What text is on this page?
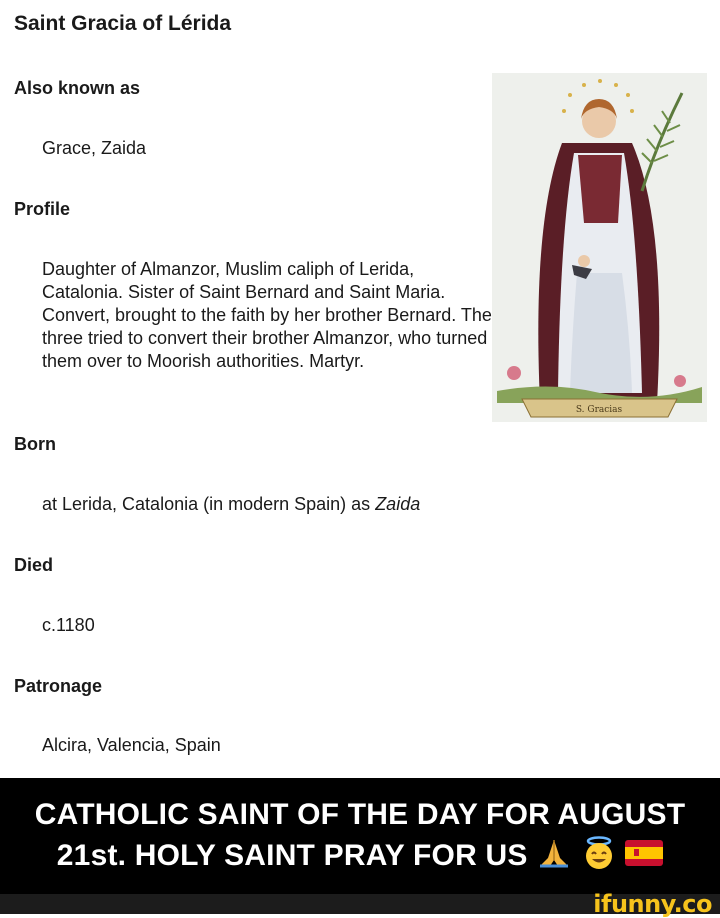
Saint Gracia of Lérida
Also known as

Grace, Zaida

Profile

Daughter of Almanzor, Muslim caliph of Lerida, Catalonia. Sister of Saint Bernard and Saint Maria. Convert, brought to the faith by her brother Bernard. The three tried to convert their brother Almanzor, who turned them over to Moorish authorities. Martyr.

Born

at Lerida, Catalonia (in modern Spain) as Zaida

Died

c.1180

Patronage

Alcira, Valencia, Spain

S. Gracias
CATHOLIC SAINT OF THE DAY FOR AUGUST
21st. HOLY SAINT PRAY FOR US
ifunny.co
